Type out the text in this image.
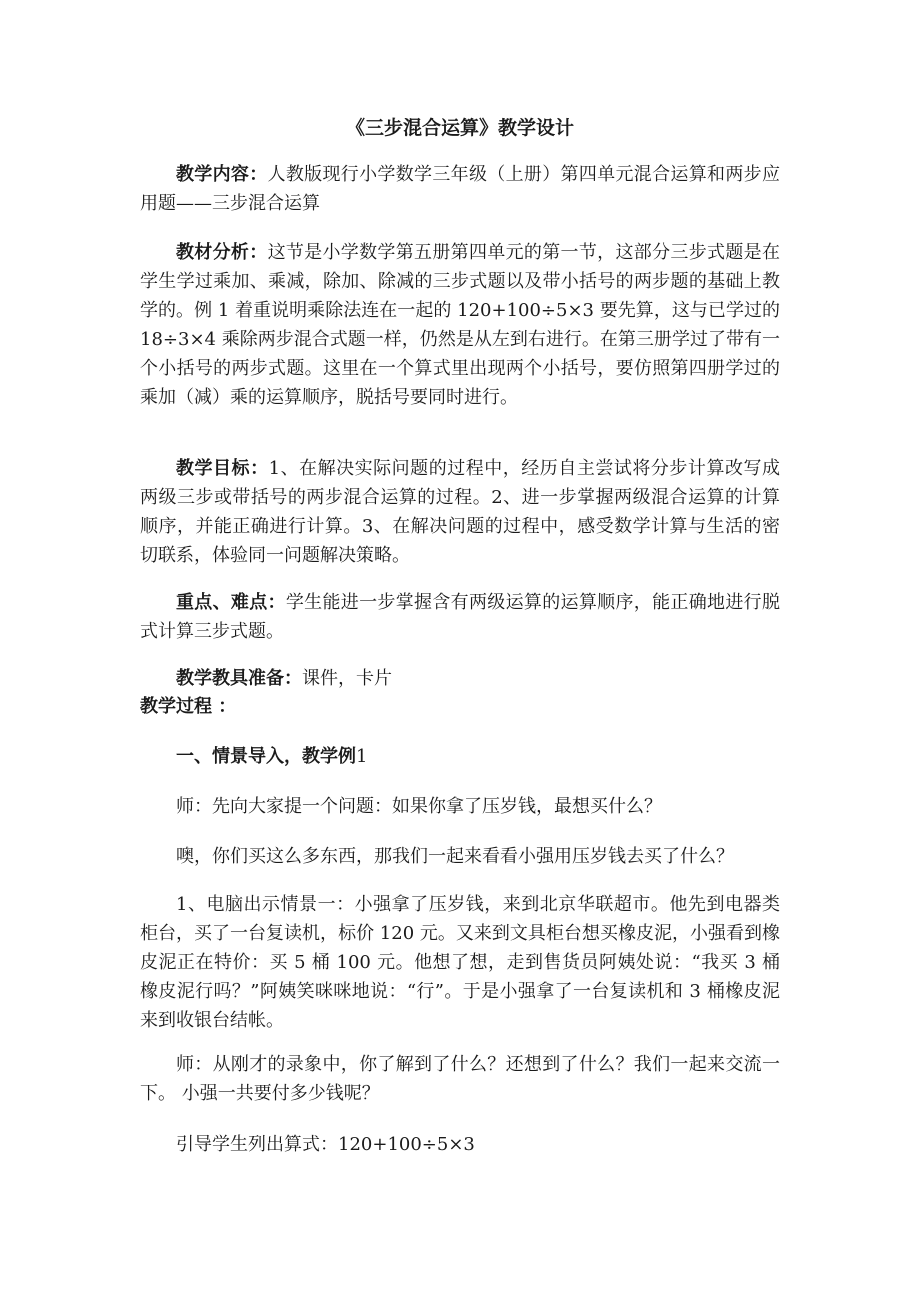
《三步混合运算》教学设计

教学内容：人教版现行小学数学三年级（上册）第四单元混合运算和两步应用题——三步混合运算

教材分析：这节是小学数学第五册第四单元的第一节，这部分三步式题是在学生学过乘加、乘减，除加、除减的三步式题以及带小括号的两步题的基础上教学的。例 1 着重说明乘除法连在一起的 120+100÷5×3 要先算，这与已学过的 18÷3×4 乘除两步混合式题一样，仍然是从左到右进行。在第三册学过了带有一个小括号的两步式题。这里在一个算式里出现两个小括号，要仿照第四册学过的乘加（减）乘的运算顺序，脱括号要同时进行。

教学目标：1、在解决实际问题的过程中，经历自主尝试将分步计算改写成两级三步或带括号的两步混合运算的过程。2、进一步掌握两级混合运算的计算顺序，并能正确进行计算。3、在解决问题的过程中，感受数学计算与生活的密切联系，体验同一问题解决策略。

重点、难点：学生能进一步掌握含有两级运算的运算顺序，能正确地进行脱式计算三步式题。

教学教具准备：课件，卡片

教学过程 ：
一、情景导入，教学例1
师：先向大家提一个问题：如果你拿了压岁钱，最想买什么？
噢，你们买这么多东西，那我们一起来看看小强用压岁钱去买了什么？

1、电脑出示情景一：小强拿了压岁钱，来到北京华联超市。他先到电器类柜台，买了一台复读机，标价 120 元。又来到文具柜台想买橡皮泥，小强看到橡皮泥正在特价：买 5 桶 100 元。他想了想，走到售货员阿姨处说：“我买 3 桶橡皮泥行吗？”阿姨笑咪咪地说：“行”。于是小强拿了一台复读机和 3 桶橡皮泥来到收银台结帐。

师：从刚才的录象中，你了解到了什么？还想到了什么？我们一起来交流一下。 小强一共要付多少钱呢？

引导学生列出算式：120+100÷5×3
